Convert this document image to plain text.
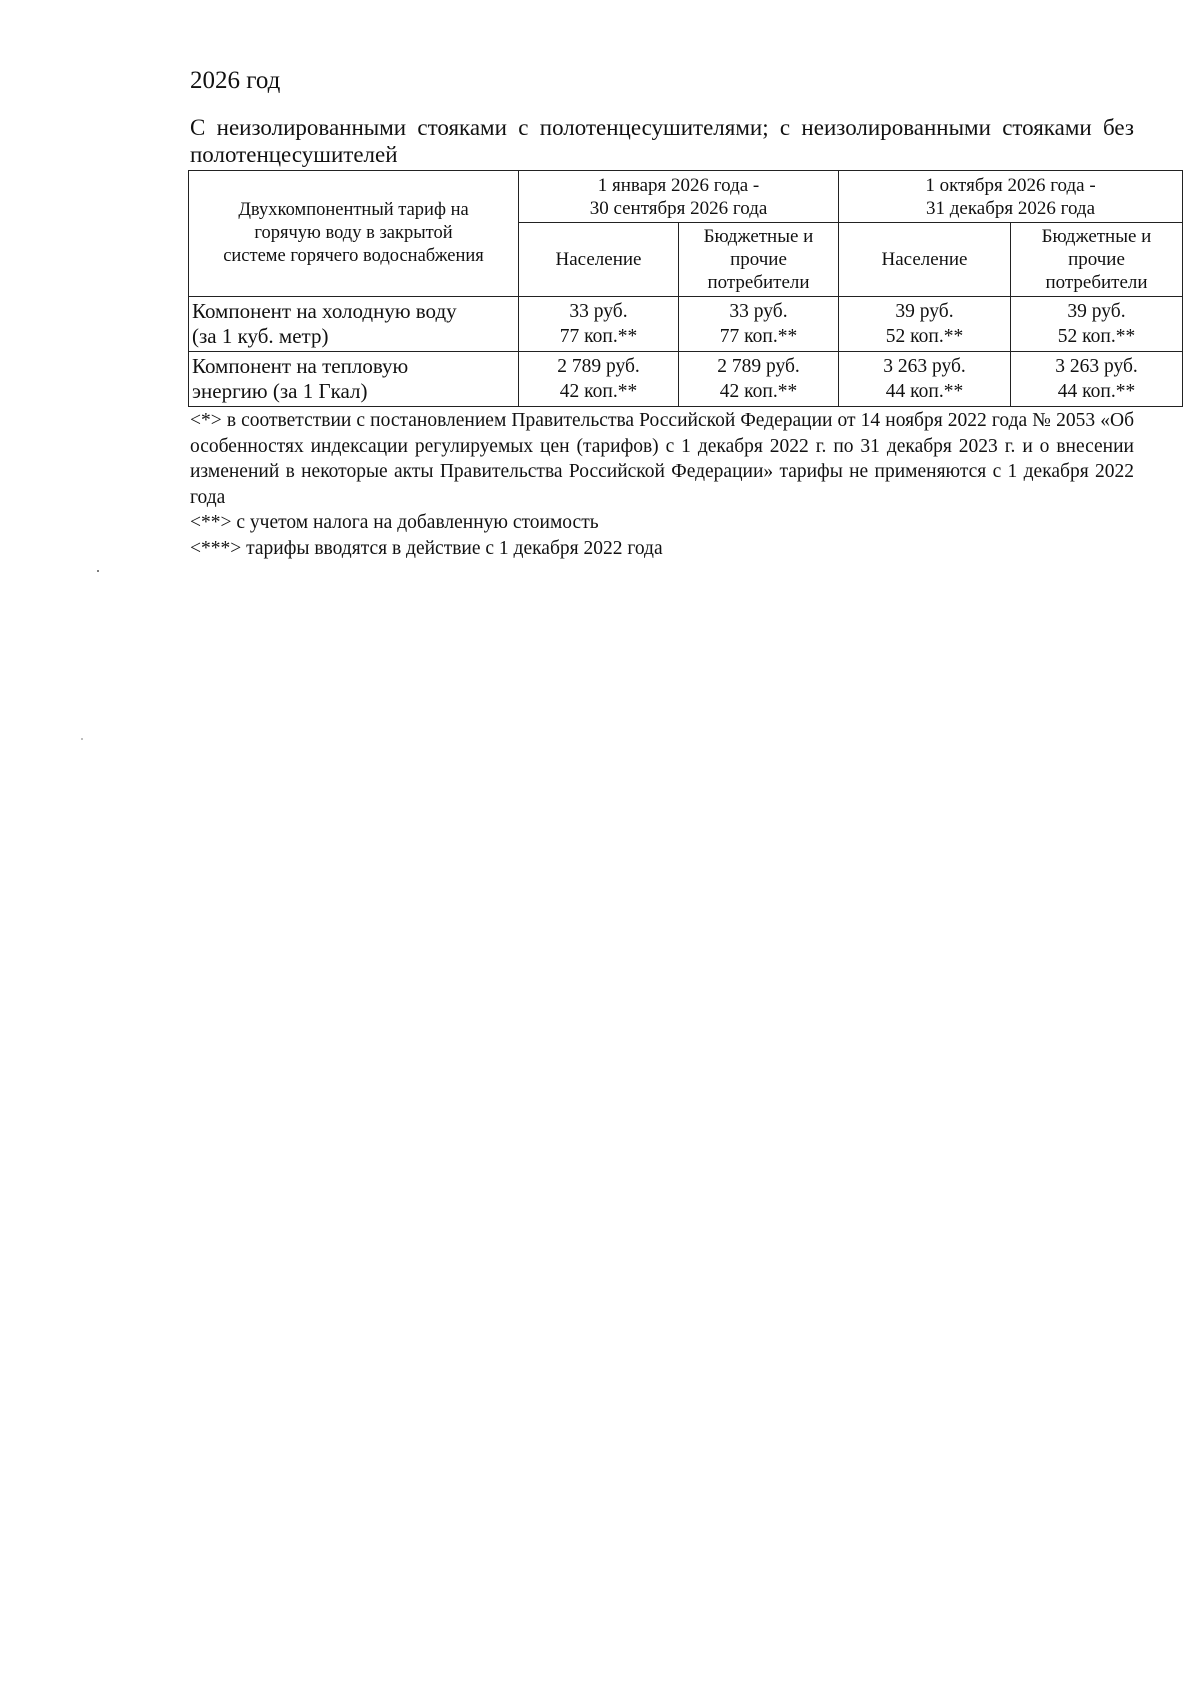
2026 год
С неизолированными стояками с полотенцесушителями; с неизолированными стояками без полотенцесушителей
Двухкомпонентный тариф на
горячую воду в закрытой
системе горячего водоснабжения	1 января 2026 года -
30 сентября 2026 года		1 октября 2026 года -
31 декабря 2026 года	

	Население	Бюджетные и
прочие
потребители	Население	Бюджетные и
прочие
потребители

Компонент на холодную воду
(за 1 куб. метр)	33 руб.
77 коп.**	33 руб.
77 коп.**	39 руб.
52 коп.**	39 руб.
52 коп.**

Компонент на тепловую
энергию (за 1 Гкал)	2 789 руб.
42 коп.**	2 789 руб.
42 коп.**	3 263 руб.
44 коп.**	3 263 руб.
44 коп.**

<*> в соответствии с постановлением Правительства Российской Федерации от 14 ноября 2022 года № 2053 «Об особенностях индексации регулируемых цен (тарифов) с 1 декабря 2022 г. по 31 декабря 2023 г. и о внесении изменений в некоторые акты Правительства Российской Федерации» тарифы не применяются с 1 декабря 2022 года

<**> с учетом налога на добавленную стоимость

<***> тарифы вводятся в действие с 1 декабря 2022 года
